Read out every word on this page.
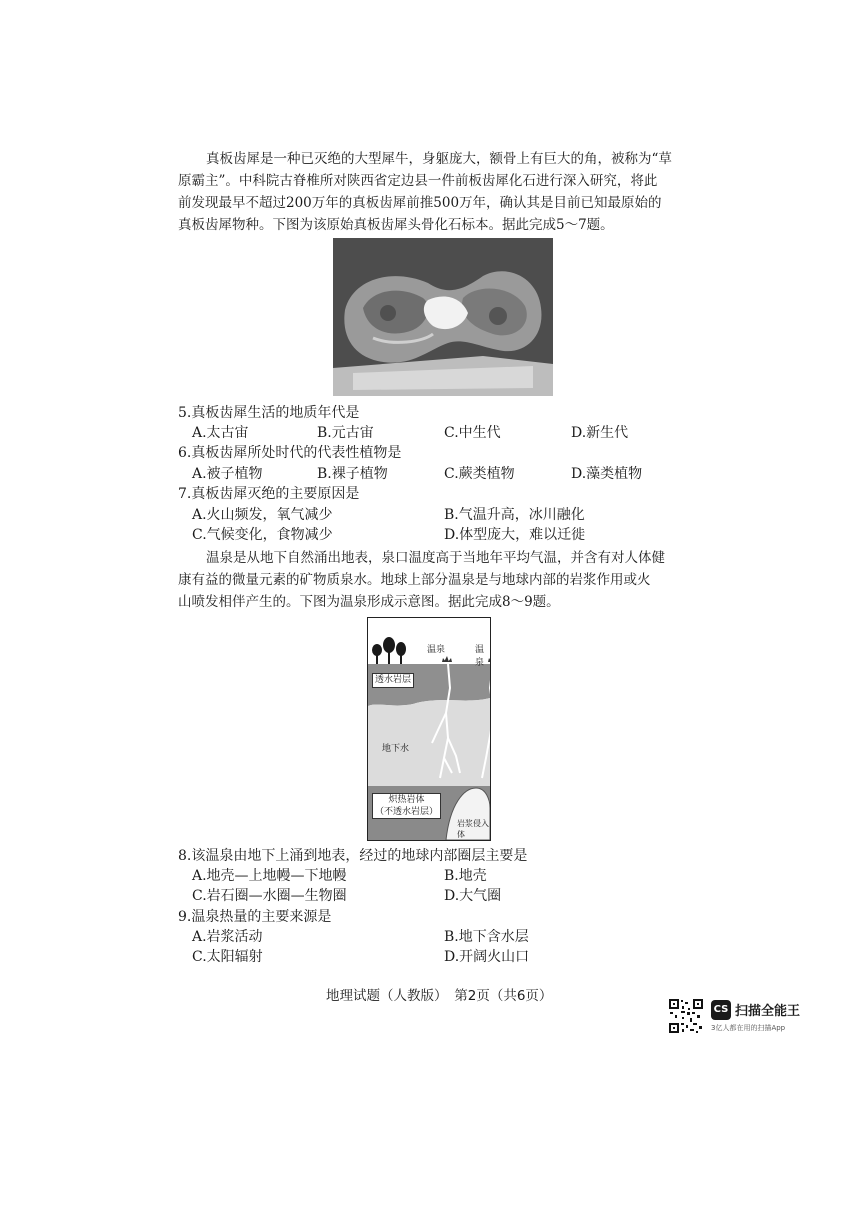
真板齿犀是一种已灭绝的大型犀牛，身躯庞大，额骨上有巨大的角，被称为“草
原霸主”。中科院古脊椎所对陕西省定边县一件前板齿犀化石进行深入研究，将此
前发现最早不超过200万年的真板齿犀前推500万年，确认其是目前已知最原始的
真板齿犀物种。下图为该原始真板齿犀头骨化石标本。据此完成5～7题。
5.真板齿犀生活的地质年代是
A.太古宙	B.元古宙	C.中生代	D.新生代
6.真板齿犀所处时代的代表性植物是
A.被子植物	B.裸子植物	C.蕨类植物	D.藻类植物
7.真板齿犀灭绝的主要原因是
A.火山频发，氧气减少	B.气温升高，冰川融化
C.气候变化，食物减少	D.体型庞大，难以迁徙
温泉是从地下自然涌出地表，泉口温度高于当地年平均气温，并含有对人体健
康有益的微量元素的矿物质泉水。地球上部分温泉是与地球内部的岩浆作用或火
山喷发相伴产生的。下图为温泉形成示意图。据此完成8～9题。
温泉	温泉
透水岩层
地下水
炽热岩体
（不透水岩层）
岩浆侵入体
8.该温泉由地下上涌到地表，经过的地球内部圈层主要是
A.地壳—上地幔—下地幔	B.地壳
C.岩石圈—水圈—生物圈	D.大气圈
9.温泉热量的主要来源是
A.岩浆活动	B.地下含水层
C.太阳辐射	D.开阔火山口
地理试题（人教版）　第2页（共6页）
CS 扫描全能王
3亿人都在用的扫描App
